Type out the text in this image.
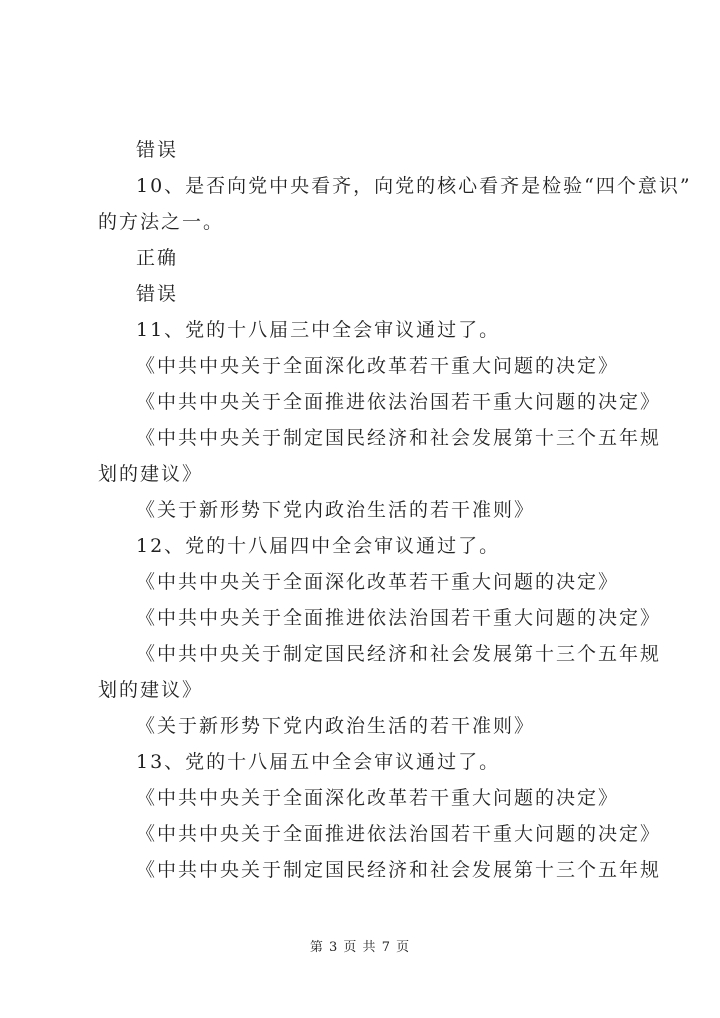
错误
10、是否向党中央看齐，向党的核心看齐是检验“四个意识”
的方法之一。
正确
错误
11、党的十八届三中全会审议通过了。
《中共中央关于全面深化改革若干重大问题的决定》
《中共中央关于全面推进依法治国若干重大问题的决定》
《中共中央关于制定国民经济和社会发展第十三个五年规
划的建议》
《关于新形势下党内政治生活的若干准则》
12、党的十八届四中全会审议通过了。
《中共中央关于全面深化改革若干重大问题的决定》
《中共中央关于全面推进依法治国若干重大问题的决定》
《中共中央关于制定国民经济和社会发展第十三个五年规
划的建议》
《关于新形势下党内政治生活的若干准则》
13、党的十八届五中全会审议通过了。
《中共中央关于全面深化改革若干重大问题的决定》
《中共中央关于全面推进依法治国若干重大问题的决定》
《中共中央关于制定国民经济和社会发展第十三个五年规
第 3 页 共 7 页
